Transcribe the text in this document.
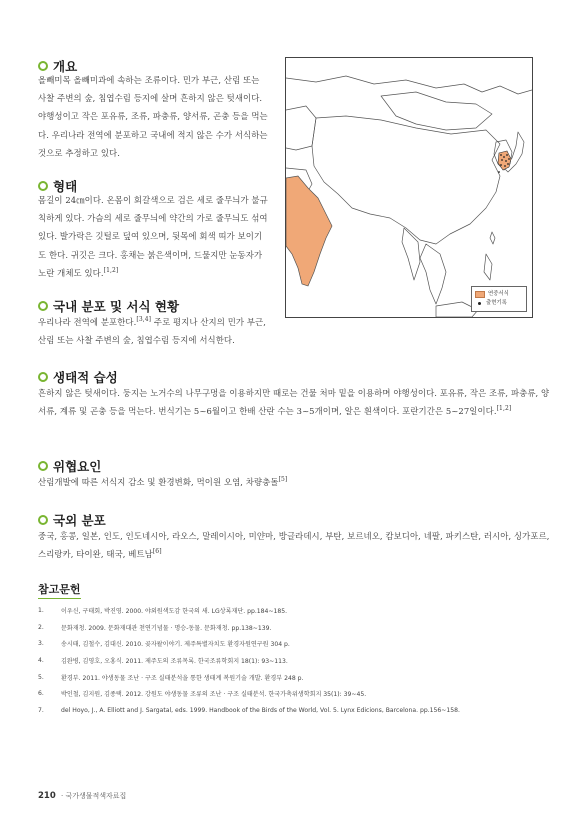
개요
올빼미목 올빼미과에 속하는 조류이다. 민가 부근, 산림 또는 사찰 주변의 숲, 침엽수림 등지에 살며 흔하지 않은 텃새이다. 야행성이고 작은 포유류, 조류, 파충류, 양서류, 곤충 등을 먹는다. 우리나라 전역에 분포하고 국내에 적지 않은 수가 서식하는 것으로 추정하고 있다.
형태
몸길이 24㎝이다. 온몸이 회갈색으로 검은 세로 줄무늬가 불규칙하게 있다. 가슴의 세로 줄무늬에 약간의 가로 줄무늬도 섞여있다. 발가락은 깃털로 덮여 있으며, 뒷목에 회색 띠가 보이기도 한다. 귀깃은 크다. 홍채는 붉은색이며, 드물지만 눈동자가 노란 개체도 있다.[1,2]
국내 분포 및 서식 현황
우리나라 전역에 분포한다.[3,4] 주로 평지나 산지의 민가 부근, 산림 또는 사찰 주변의 숲, 침엽수림 등지에 서식한다.
연중서식
출현기록
생태적 습성
흔하지 않은 텃새이다. 둥지는 노거수의 나무구멍을 이용하지만 때로는 건물 처마 밑을 이용하며 야행성이다. 포유류, 작은 조류, 파충류, 양서류, 계류 및 곤충 등을 먹는다. 번식기는 5~6월이고 한배 산란 수는 3~5개이며, 알은 흰색이다. 포란기간은 5~27일이다.[1,2]
위협요인
산림개발에 따른 서식지 감소 및 환경변화, 먹이원 오염, 차량충돌[5]
국외 분포
중국, 홍콩, 일본, 인도, 인도네시아, 라오스, 말레이시아, 미얀마, 방글라데시, 부탄, 보르네오, 캄보디아, 네팔, 파키스탄, 러시아, 싱가포르, 스리랑카, 타이완, 태국, 베트남[6]
참고문헌
1.	이우신, 구태회, 박진영. 2000. 야외원색도감 한국의 새. LG상록재단. pp.184~185.
2.	문화재청. 2009. 문화재대관 천연기념물 · 명승-동물. 문화재청. pp.138~139.
3.	송시태, 김철수, 김대신. 2010. 곶자왈이야기. 제주특별자치도 환경자원연구원 304 p.
4.	김완병, 김영호, 오홍식. 2011. 제주도의 조류목록. 한국조류학회지 18(1): 93~113.
5.	환경부. 2011. 야생동물 조난 · 구조 실태분석을 통한 생태계 복원기술 개발. 환경부 248 p.
6.	박인철, 김지원, 김종택. 2012. 강원도 야생동물 조류의 조난 · 구조 실태분석. 한국가축위생학회지 35(1): 39~45.
7.	del Hoyo, J., A. Elliott and J. Sargatal, eds. 1999. Handbook of the Birds of the World, Vol. 5. Lynx Edicions, Barcelona. pp.156~158.
210 · 국가생물적색자료집
